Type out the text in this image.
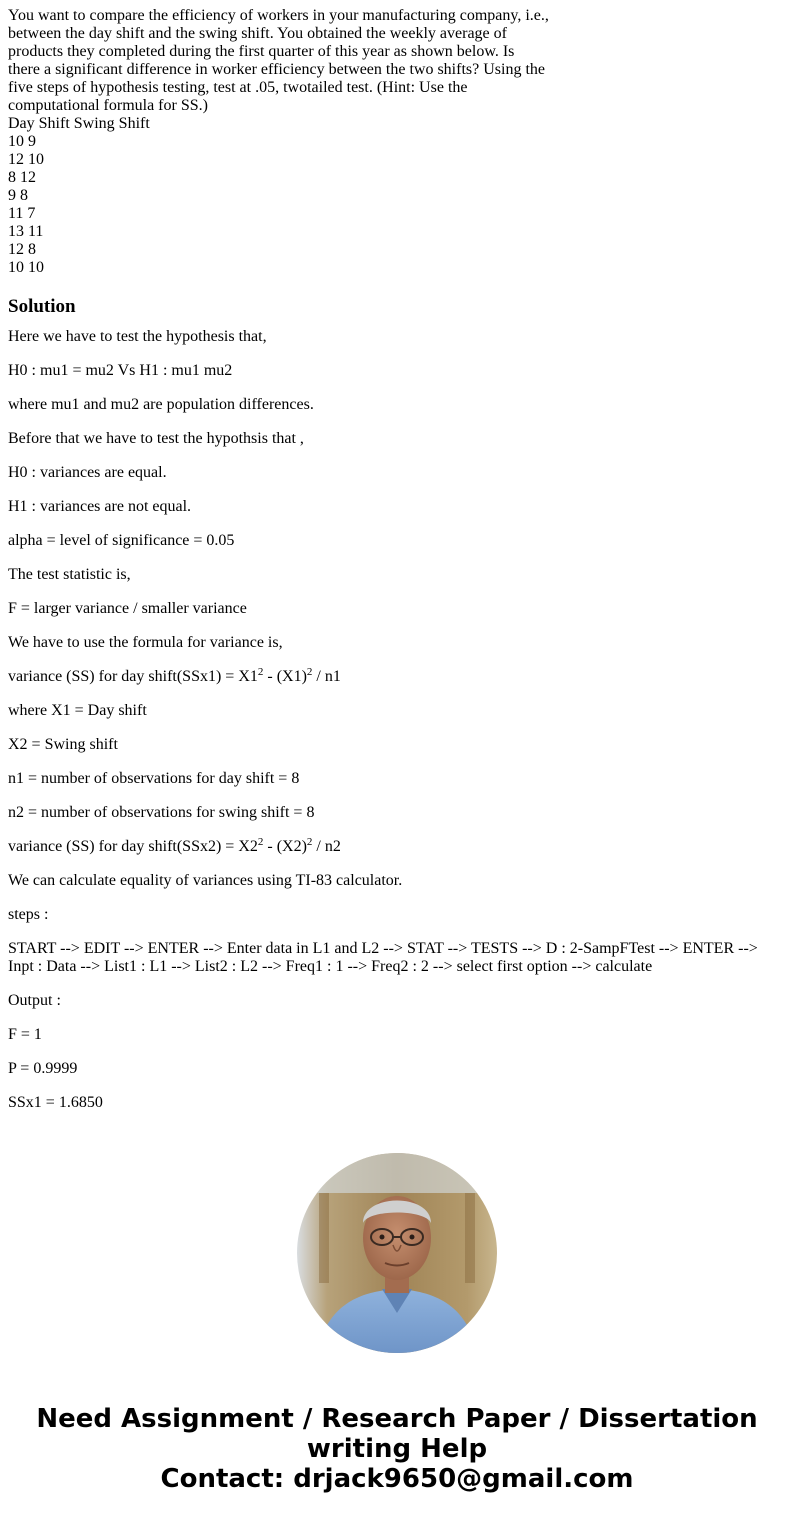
You want to compare the efficiency of workers in your manufacturing company, i.e.,
between the day shift and the swing shift. You obtained the weekly average of
products they completed during the first quarter of this year as shown below. Is
there a significant difference in worker efficiency between the two shifts? Using the
five steps of hypothesis testing, test at .05, twotailed test. (Hint: Use the
computational formula for SS.)
Day Shift Swing Shift
10 9
12 10
8 12
9 8
11 7
13 11
12 8
10 10
Solution

Here we have to test the hypothesis that,

H0 : mu1 = mu2 Vs H1 : mu1 mu2

where mu1 and mu2 are population differences.

Before that we have to test the hypothsis that ,

H0 : variances are equal.

H1 : variances are not equal.

alpha = level of significance = 0.05

The test statistic is,

F = larger variance / smaller variance

We have to use the formula for variance is,

variance (SS) for day shift(SSx1) = $X1^2 - (X1)^2 / n1$

where X1 = Day shift

X2 = Swing shift

n1 = number of observations for day shift = 8

n2 = number of observations for swing shift = 8

variance (SS) for day shift(SSx2) = $X2^2 - (X2)^2 / n2$

We can calculate equality of variances using TI-83 calculator.

steps :

START --> EDIT --> ENTER --> Enter data in L1 and L2 --> STAT --> TESTS --> D : 2-SampFTest --> ENTER --> Inpt : Data --> List1 : L1 --> List2 : L2 --> Freq1 : 1 --> Freq2 : 2 --> select first option --> calculate

Output :

F = 1

P = 0.9999

SSx1 = 1.6850

Need Assignment / Research Paper / Dissertation
writing Help
Contact: drjack9650@gmail.com
